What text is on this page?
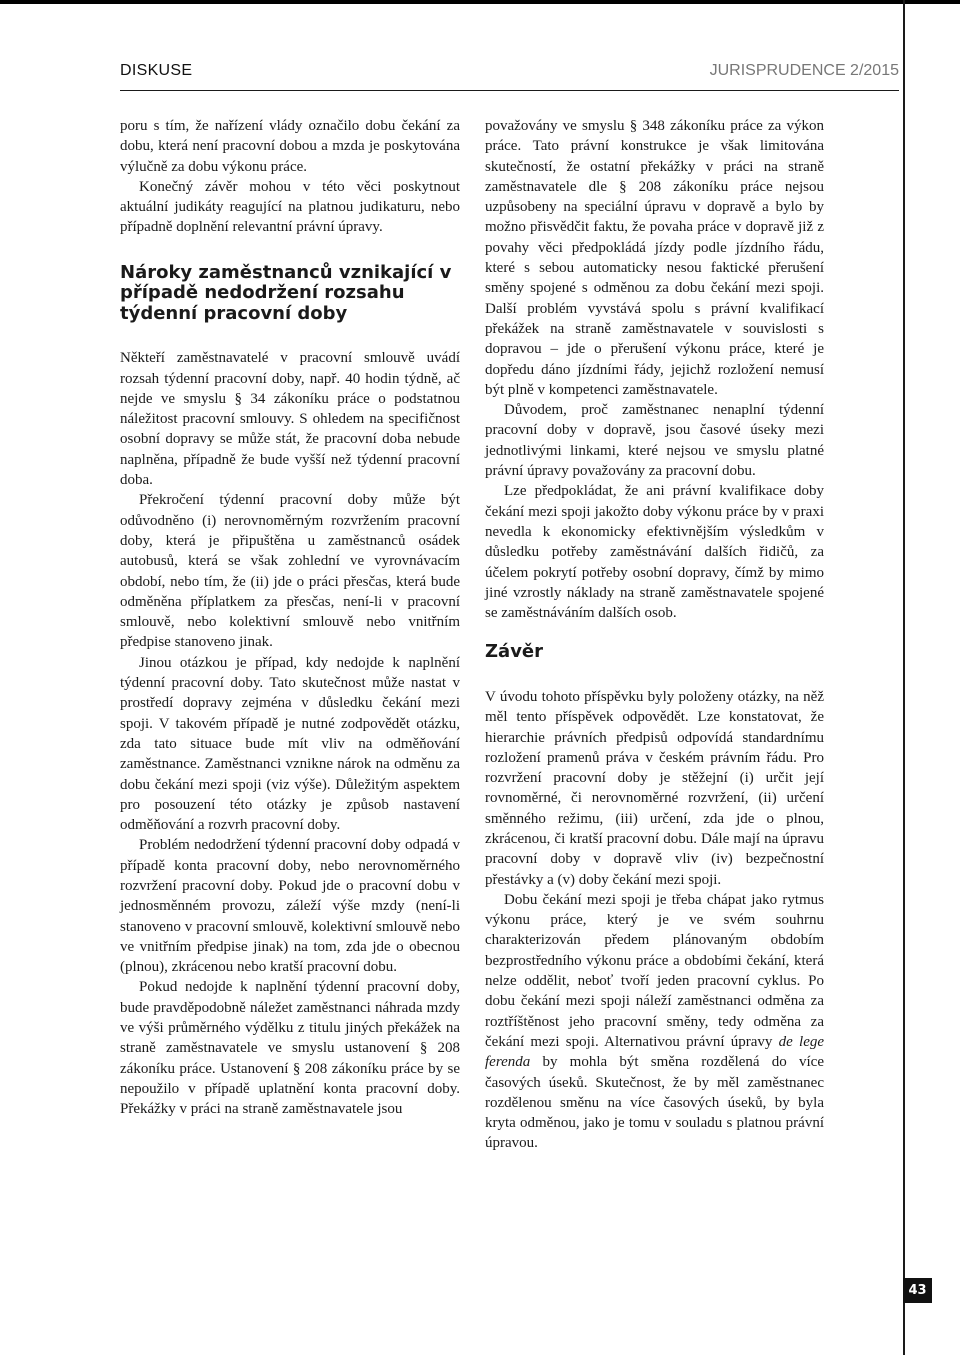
DISKUSE	JURISPRUDENCE 2/2015

poru s tím, že nařízení vlády označilo dobu čekání za dobu, která není pracovní dobou a mzda je poskytována výlučně za dobu výkonu práce.

Konečný závěr mohou v této věci poskytnout aktuální judikáty reagující na platnou judikaturu, nebo případně doplnění relevantní právní úpravy.

Nároky zaměstnanců vznikající v případě nedodržení rozsahu týdenní pracovní doby

Někteří zaměstnavatelé v pracovní smlouvě uvádí rozsah týdenní pracovní doby, např. 40 hodin týdně, ač nejde ve smyslu § 34 zákoníku práce o podstatnou náležitost pracovní smlouvy. S ohledem na specifičnost osobní dopravy se může stát, že pracovní doba nebude naplněna, případně že bude vyšší než týdenní pracovní doba.

Překročení týdenní pracovní doby může být odůvodněno (i) nerovnoměrným rozvržením pracovní doby, která je připuštěna u zaměstnanců osádek autobusů, která se však zohlední ve vyrovnávacím období, nebo tím, že (ii) jde o práci přesčas, která bude odměněna příplatkem za přesčas, není-li v pracovní smlouvě, nebo kolektivní smlouvě nebo vnitřním předpise stanoveno jinak.

Jinou otázkou je případ, kdy nedojde k naplnění týdenní pracovní doby. Tato skutečnost může nastat v prostředí dopravy zejména v důsledku čekání mezi spoji. V takovém případě je nutné zodpovědět otázku, zda tato situace bude mít vliv na odměňování zaměstnance. Zaměstnanci vznikne nárok na odměnu za dobu čekání mezi spoji (viz výše). Důležitým aspektem pro posouzení této otázky je způsob nastavení odměňování a rozvrh pracovní doby.

Problém nedodržení týdenní pracovní doby odpadá v případě konta pracovní doby, nebo nerovnoměrného rozvržení pracovní doby. Pokud jde o pracovní dobu v jednosměnném provozu, záleží výše mzdy (není-li stanoveno v pracovní smlouvě, kolektivní smlouvě nebo ve vnitřním předpise jinak) na tom, zda jde o obecnou (plnou), zkrácenou nebo kratší pracovní dobu.

Pokud nedojde k naplnění týdenní pracovní doby, bude pravděpodobně náležet zaměstnanci náhrada mzdy ve výši průměrného výdělku z titulu jiných překážek na straně zaměstnavatele ve smyslu ustanovení § 208 zákoníku práce. Ustanovení § 208 zákoníku práce by se nepoužilo v případě uplatnění konta pracovní doby. Překážky v práci na straně zaměstnavatele jsou

považovány ve smyslu § 348 zákoníku práce za výkon práce. Tato právní konstrukce je však limitována skutečností, že ostatní překážky v práci na straně zaměstnavatele dle § 208 zákoníku práce nejsou uzpůsobeny na speciální úpravu v dopravě a bylo by možno přisvědčit faktu, že povaha práce v dopravě již z povahy věci předpokládá jízdy podle jízdního řádu, které s sebou automaticky nesou faktické přerušení směny spojené s odměnou za dobu čekání mezi spoji. Další problém vyvstává spolu s právní kvalifikací překážek na straně zaměstnavatele v souvislosti s dopravou – jde o přerušení výkonu práce, které je dopředu dáno jízdními řády, jejichž rozložení nemusí být plně v kompetenci zaměstnavatele.

Důvodem, proč zaměstnanec nenaplní týdenní pracovní doby v dopravě, jsou časové úseky mezi jednotlivými linkami, které nejsou ve smyslu platné právní úpravy považovány za pracovní dobu.

Lze předpokládat, že ani právní kvalifikace doby čekání mezi spoji jakožto doby výkonu práce by v praxi nevedla k ekonomicky efektivnějším výsledkům v důsledku potřeby zaměstnávání dalších řidičů, za účelem pokrytí potřeby osobní dopravy, čímž by mimo jiné vzrostly náklady na straně zaměstnavatele spojené se zaměstnáváním dalších osob.

Závěr

V úvodu tohoto příspěvku byly položeny otázky, na něž měl tento příspěvek odpovědět. Lze konstatovat, že hierarchie právních předpisů odpovídá standardnímu rozložení pramenů práva v českém právním řádu. Pro rozvržení pracovní doby je stěžejní (i) určit její rovnoměrné, či nerovnoměrné rozvržení, (ii) určení směnného režimu, (iii) určení, zda jde o plnou, zkrácenou, či kratší pracovní dobu. Dále mají na úpravu pracovní doby v dopravě vliv (iv) bezpečnostní přestávky a (v) doby čekání mezi spoji.

Dobu čekání mezi spoji je třeba chápat jako rytmus výkonu práce, který je ve svém souhrnu charakterizován předem plánovaným obdobím bezprostředního výkonu práce a obdobími čekání, která nelze oddělit, neboť tvoří jeden pracovní cyklus. Po dobu čekání mezi spoji náleží zaměstnanci odměna za roztříštěnost jeho pracovní směny, tedy odměna za čekání mezi spoji. Alternativou právní úpravy de lege ferenda by mohla být směna rozdělená do více časových úseků. Skutečnost, že by měl zaměstnanec rozdělenou směnu na více časových úseků, by byla kryta odměnou, jako je tomu v souladu s platnou právní úpravou.

43
